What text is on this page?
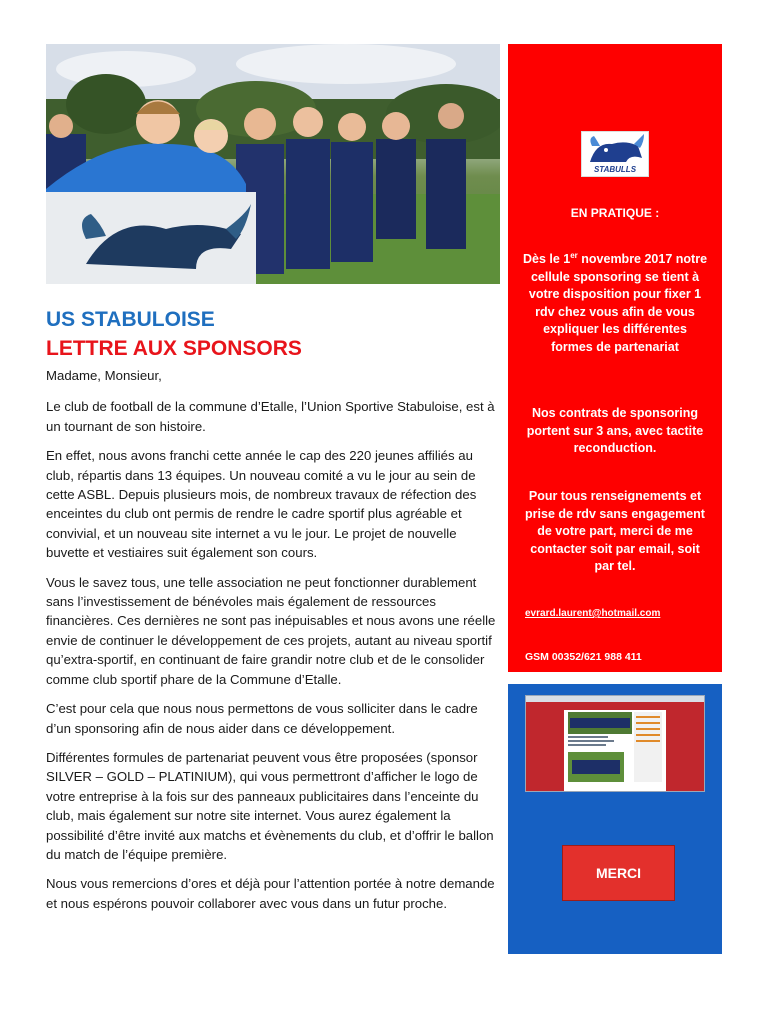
US STABULOISE
LETTRE AUX SPONSORS

Madame, Monsieur,

Le club de football de la commune d’Etalle, l’Union Sportive Stabuloise, est à un tournant de son histoire.

En effet, nous avons franchi cette année le cap des 220 jeunes affiliés au club, répartis dans 13 équipes. Un nouveau comité a vu le jour au sein de cette ASBL. Depuis plusieurs mois, de nombreux travaux de réfection des enceintes du club ont permis de rendre le cadre sportif plus agréable et convivial, et un nouveau site internet a vu le jour. Le projet de nouvelle buvette et vestiaires suit également son cours.

Vous le savez tous, une telle association ne peut fonctionner durablement sans l’investissement de bénévoles mais également de ressources financières. Ces dernières ne sont pas inépuisables et nous avons une réelle envie de continuer le développement de ces projets, autant au niveau sportif qu’extra-sportif, en continuant de faire grandir notre club et de le consolider comme club sportif phare de la Commune d’Etalle.

C’est pour cela que nous nous permettons de vous solliciter dans le cadre d’un sponsoring afin de nous aider dans ce développement.

Différentes formules de partenariat peuvent vous être proposées (sponsor SILVER – GOLD – PLATINIUM), qui vous permettront d’afficher le logo de votre entreprise à la fois sur des panneaux publicitaires dans l’enceinte du club, mais également sur notre site internet. Vous aurez également la possibilité d’être invité aux matchs et évènements du club, et d’offrir le ballon du match de l’équipe première.

Nous vous remercions d’ores et déjà pour l’attention portée à notre demande et nous espérons pouvoir collaborer avec vous dans un futur proche.

STABULLS
EN PRATIQUE :
Dès le 1er novembre 2017 notre cellule sponsoring se tient à votre disposition pour fixer 1 rdv chez vous afin de vous expliquer les différentes formes de partenariat
Nos contrats de sponsoring portent sur 3 ans, avec tactite reconduction.
Pour tous renseignements et prise de rdv sans engagement de votre part, merci de me contacter soit par email, soit par tel.
evrard.laurent@hotmail.com
GSM 00352/621 988 411
MERCI
